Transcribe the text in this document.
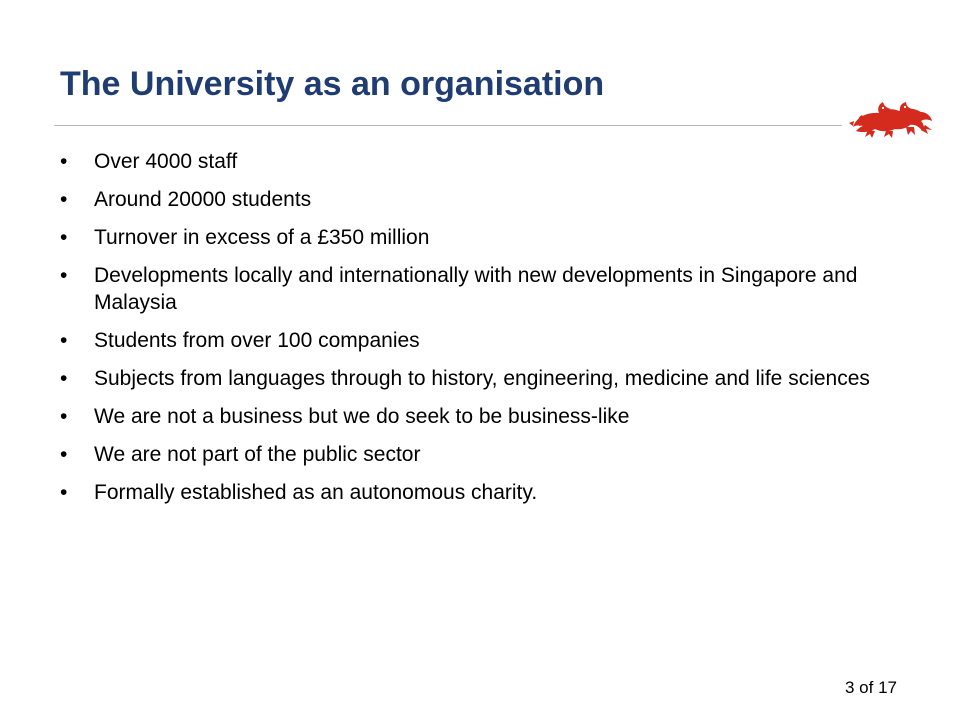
The University as an organisation
• Over 4000 staff
• Around 20000 students
• Turnover in excess of a £350 million
• Developments locally and internationally with new developments in Singapore and Malaysia
• Students from over 100 companies
• Subjects from languages through to history, engineering, medicine and life sciences
• We are not a business but we do seek to be business-like
• We are not part of the public sector
• Formally established as an autonomous charity.
3 of 17
